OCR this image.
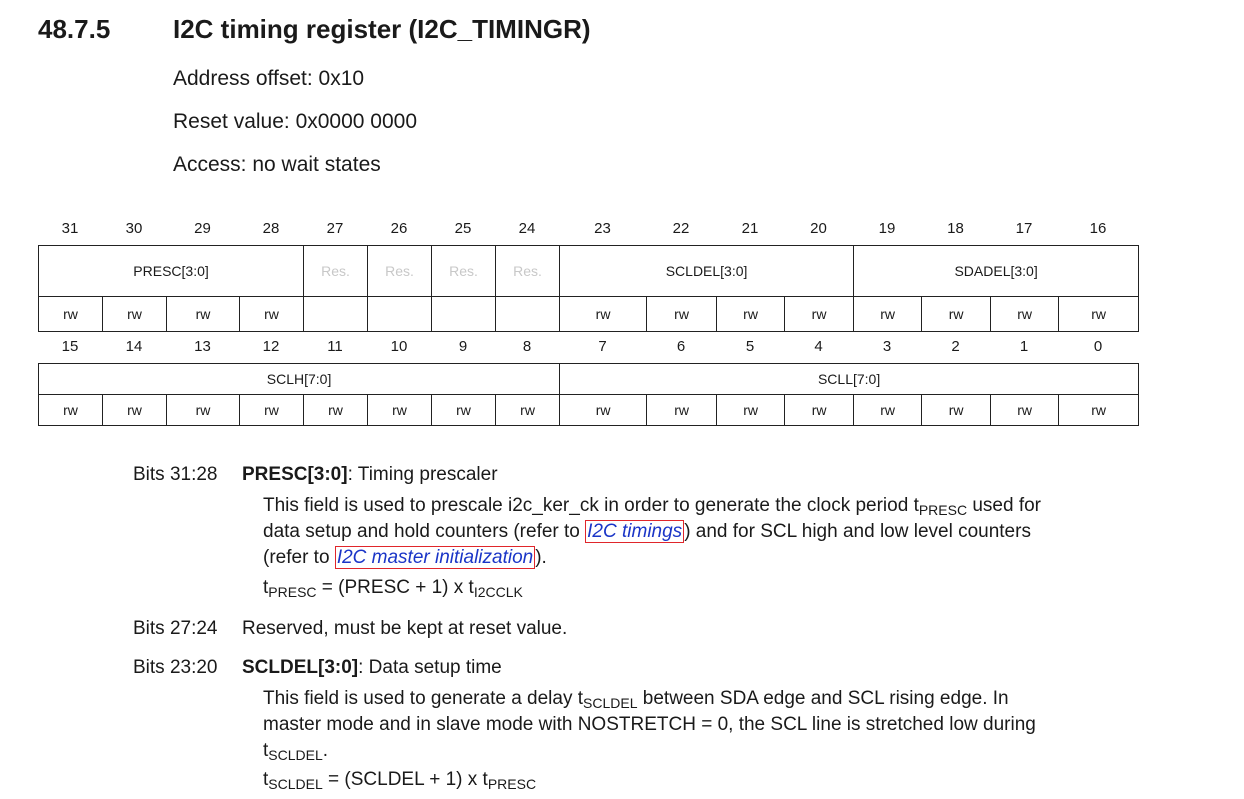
48.7.5 I2C timing register (I2C_TIMINGR)
Address offset: 0x10
Reset value: 0x0000 0000
Access: no wait states
31	30	29	28	27	26	25	24	23	22	21	20	19	18	17	16
PRESC[3:0]				Res.	Res.	Res.	Res.	SCLDEL[3:0]				SDADEL[3:0]			
rw	rw	rw	rw					rw	rw	rw	rw	rw	rw	rw	rw
15	14	13	12	11	10	9	8	7	6	5	4	3	2	1	0
SCLH[7:0]								SCLL[7:0]							
rw	rw	rw	rw	rw	rw	rw	rw	rw	rw	rw	rw	rw	rw	rw	rw
Bits 31:28 PRESC[3:0]: Timing prescaler
This field is used to prescale i2c_ker_ck in order to generate the clock period $t_{PRESC}$ used for
data setup and hold counters (refer to I2C timings ) and for SCL high and low level counters
(refer to I2C master initialization ).
$t_{PRESC}$ = (PRESC + 1) x $t_{I2CCLK}$
Bits 27:24 Reserved, must be kept at reset value.
Bits 23:20 SCLDEL[3:0]: Data setup time
This field is used to generate a delay $t_{SCLDEL}$ between SDA edge and SCL rising edge. In
master mode and in slave mode with NOSTRETCH = 0, the SCL line is stretched low during
$t_{SCLDEL}$.
$t_{SCLDEL}$ = (SCLDEL + 1) x $t_{PRESC}$
